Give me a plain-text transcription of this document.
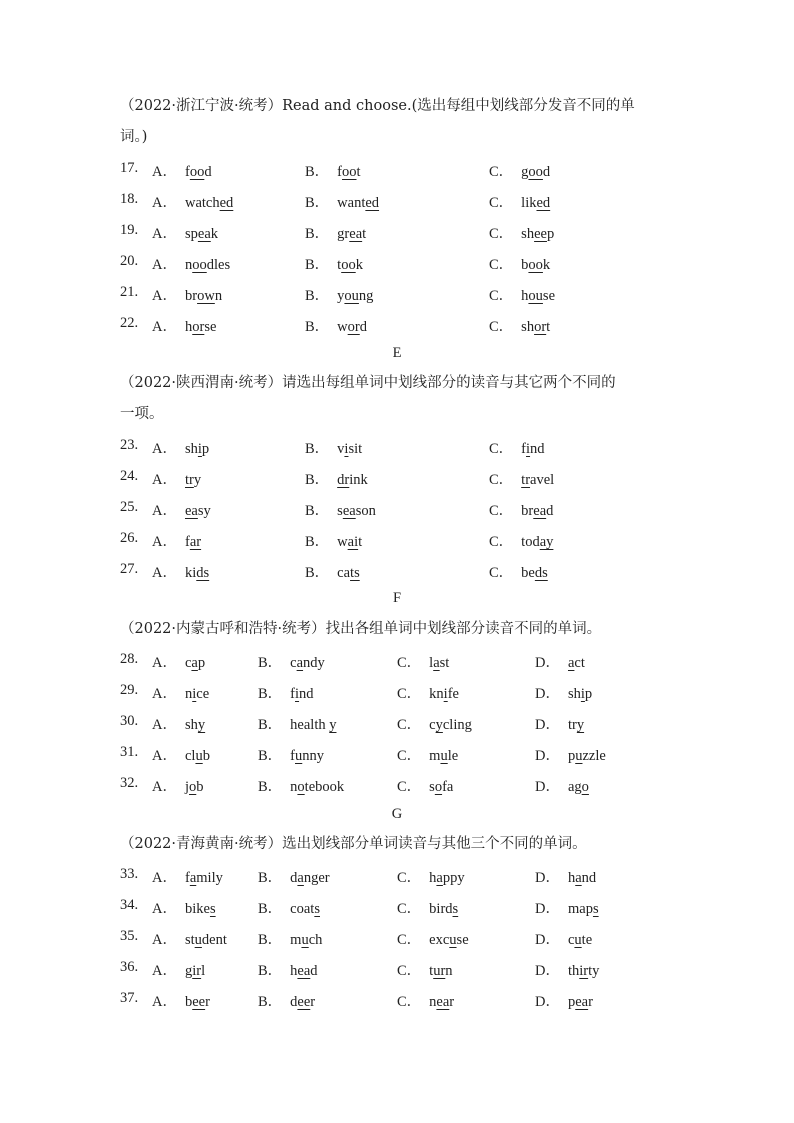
（2022·浙江宁波·统考）Read and choose.(选出每组中划线部分发音不同的单
词。)
17. A． food	B． foot	C． good
18. A． watched	B． wanted	C． liked
19. A． speak	B． great	C． sheep
20. A． noodles	B． took	C． book
21. A． brown	B． young	C． house
22. A． horse	B． word	C． short
E
（2022·陕西渭南·统考）请选出每组单词中划线部分的读音与其它两个不同的
一项。
23. A． ship	B． visit	C． find
24. A． try	B． drink	C． travel
25. A． easy	B． season	C． bread
26. A． far	B． wait	C． today
27. A． kids	B． cats	C． beds
F
（2022·内蒙古呼和浩特·统考）找出各组单词中划线部分读音不同的单词。
28. A． cap	B． candy	C． last	D． act
29. A． nice	B． find	C． knife	D． ship
30. A． shy	B． health y	C． cycling	D． try
31. A． club	B． funny	C． mule	D． puzzle
32. A． job	B． notebook	C． sofa	D． ago
G
（2022·青海黄南·统考）选出划线部分单词读音与其他三个不同的单词。
33. A． family B． danger	C． happy	D． hand
34. A． bikes	B． coats	C． birds	D． maps
35. A． student B． much	C． excuse	D． cute
36. A． girl	B． head	C． turn	D． thirty
37. A． beer	B． deer	C． near	D． pear
